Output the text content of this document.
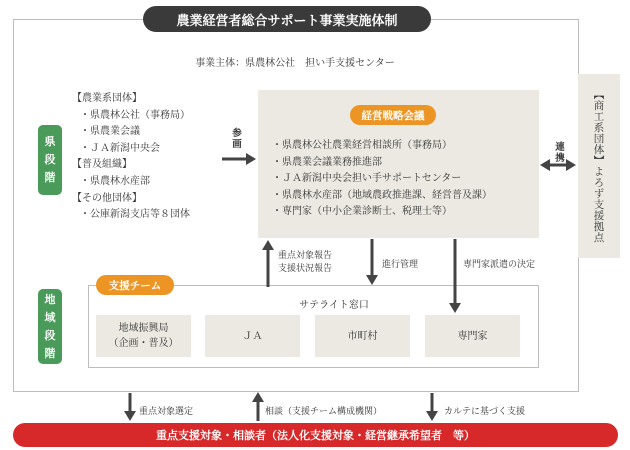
農業経営者総合サポート事業実施体制
事業主体：県農林公社　担い手支援センター
県
段
階
【農業系団体】
・県農林公社（事務局）
・県農業会議
・ＪＡ新潟中央会
【普及組織】
・県農林水産部
【その他団体】
・公庫新潟支店等８団体
参
画
経営戦略会議
・県農林公社農業経営相談所（事務局）
・県農業会議業務推進部
・ＪＡ新潟中央会担い手サポートセンター
・県農林水産部（地域農政推進課、経営普及課）
・専門家（中小企業診断士、税理士等）
連
携	【商工系団体】よろず支援拠点
重点対象報告
支援状況報告	進行管理	専門家派遣の決定
地
域
段
階
支援チーム
サテライト窓口
地域振興局
（企画・普及）
ＪＡ	市町村	専門家
重点対象選定	相談（支援チーム構成機関）	カルテに基づく支援
重点支援対象・相談者（法人化支援対象・経営継承希望者　等）
